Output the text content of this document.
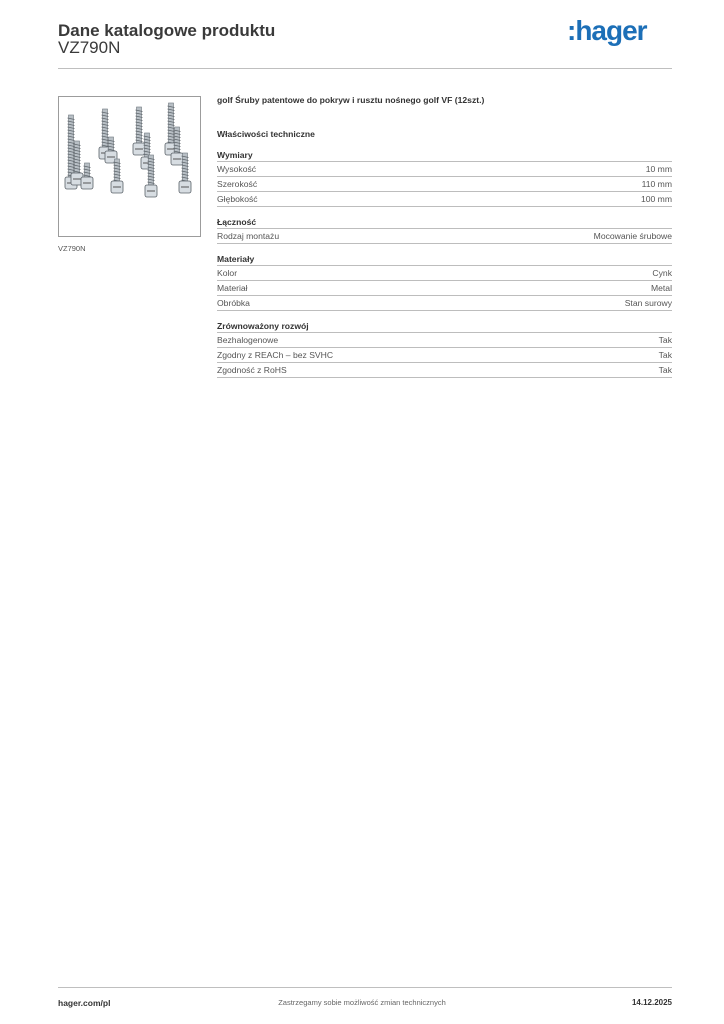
Dane katalogowe produktu
VZ790N
:hager
VZ790N
golf Śruby patentowe do pokryw i rusztu nośnego golf VF (12szt.)
Właściwości techniczne
Wymiary
Wysokość	10 mm
Szerokość	110 mm
Głębokość	100 mm
Łączność
Rodzaj montażu	Mocowanie śrubowe
Materiały
Kolor	Cynk
Materiał	Metal
Obróbka	Stan surowy
Zrównoważony rozwój
Bezhalogenowe	Tak
Zgodny z REACh – bez SVHC	Tak
Zgodność z RoHS	Tak
hager.com/pl	Zastrzegamy sobie możliwość zmian technicznych	14.12.2025
